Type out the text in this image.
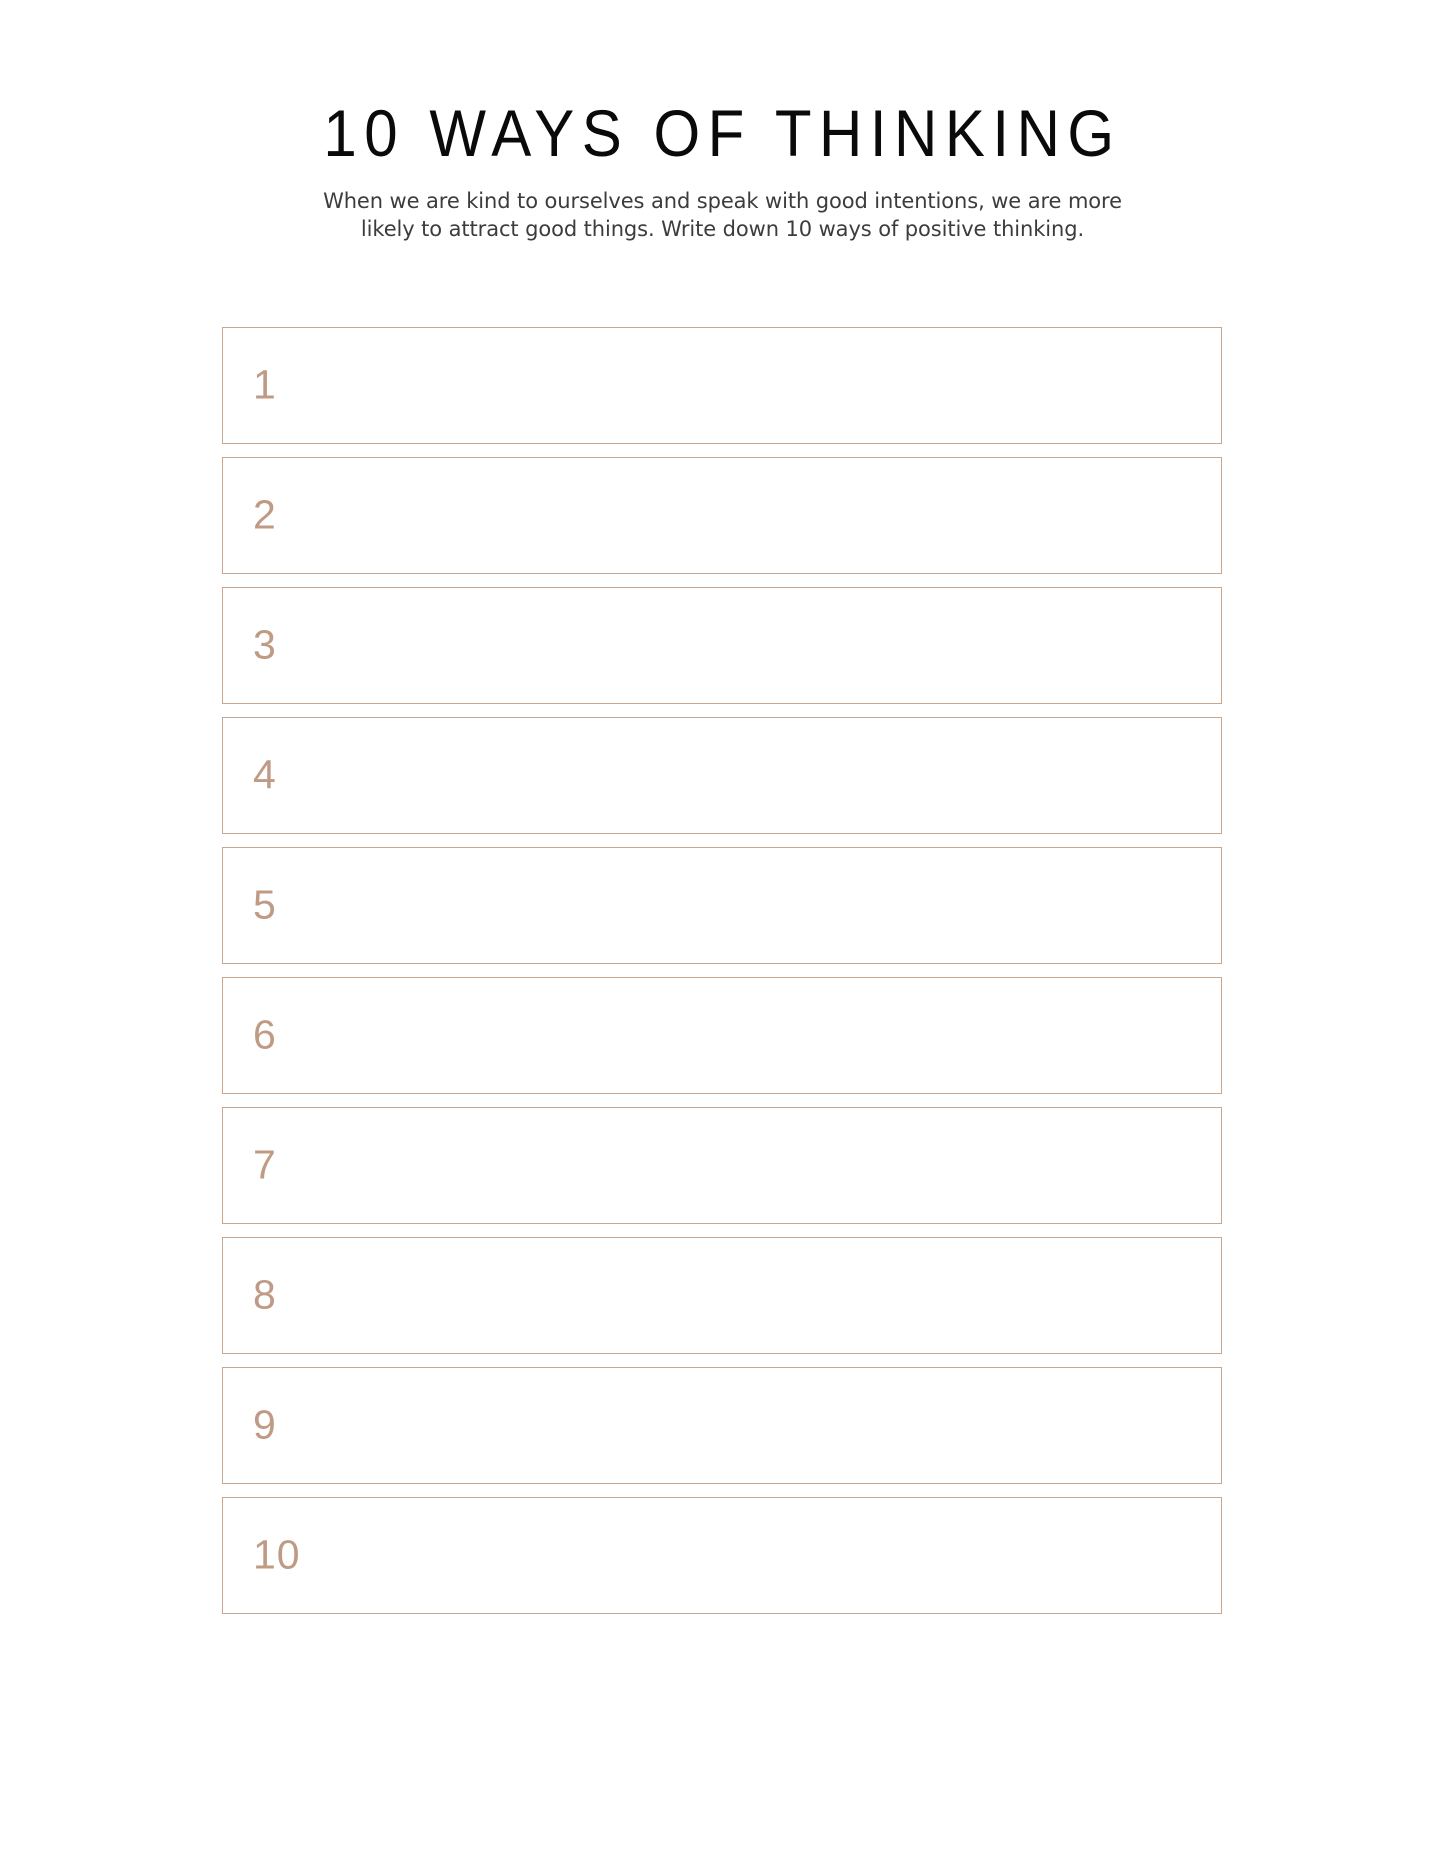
10 WAYS OF THINKING

When we are kind to ourselves and speak with good intentions, we are more likely to attract good things. Write down 10 ways of positive thinking.

1
2
3
4
5
6
7
8
9
10
